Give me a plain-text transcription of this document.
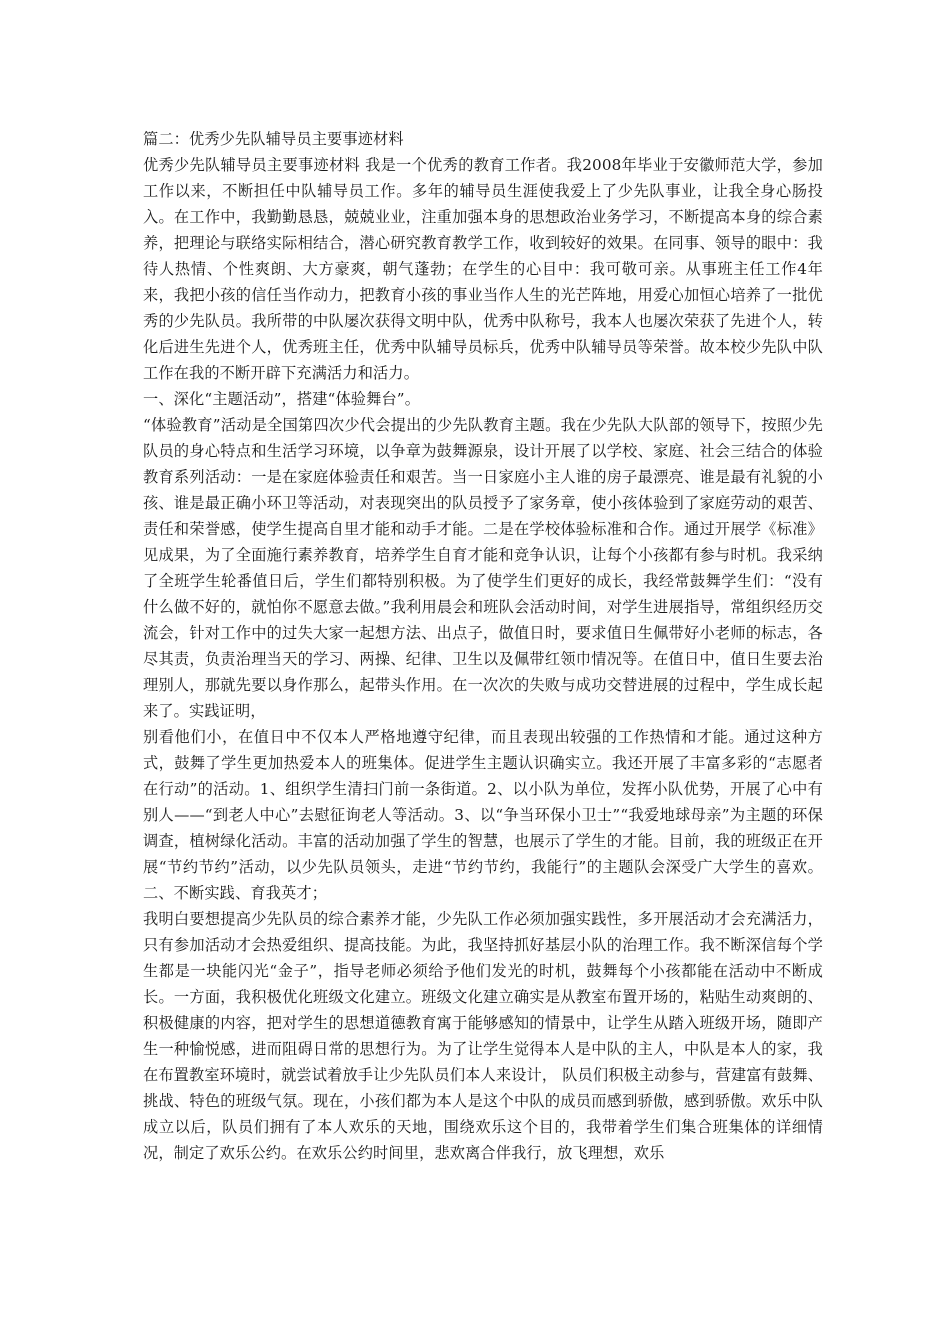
篇二：优秀少先队辅导员主要事迹材料

优秀少先队辅导员主要事迹材料 我是一个优秀的教育工作者。我2008年毕业于安徽师范大学，参加工作以来，不断担任中队辅导员工作。多年的辅导员生涯使我爱上了少先队事业，让我全身心肠投入。在工作中，我勤勤恳恳，兢兢业业，注重加强本身的思想政治业务学习，不断提高本身的综合素养，把理论与联络实际相结合，潜心研究教育教学工作，收到较好的效果。在同事、领导的眼中：我待人热情、个性爽朗、大方豪爽，朝气蓬勃；在学生的心目中：我可敬可亲。从事班主任工作4年来，我把小孩的信任当作动力，把教育小孩的事业当作人生的光芒阵地，用爱心加恒心培养了一批优秀的少先队员。我所带的中队屡次获得文明中队，优秀中队称号，我本人也屡次荣获了先进个人，转化后进生先进个人，优秀班主任，优秀中队辅导员标兵，优秀中队辅导员等荣誉。故本校少先队中队工作在我的不断开辟下充满活力和活力。

一、深化“主题活动”，搭建“体验舞台”。

“体验教育”活动是全国第四次少代会提出的少先队教育主题。我在少先队大队部的领导下，按照少先队员的身心特点和生活学习环境，以争章为鼓舞源泉，设计开展了以学校、家庭、社会三结合的体验教育系列活动：一是在家庭体验责任和艰苦。当一日家庭小主人谁的房子最漂亮、谁是最有礼貌的小孩、谁是最正确小环卫等活动，对表现突出的队员授予了家务章，使小孩体验到了家庭劳动的艰苦、责任和荣誉感，使学生提高自里才能和动手才能。二是在学校体验标准和合作。通过开展学《标准》见成果，为了全面施行素养教育，培养学生自育才能和竞争认识，让每个小孩都有参与时机。我采纳了全班学生轮番值日后，学生们都特别积极。为了使学生们更好的成长，我经常鼓舞学生们：“没有什么做不好的，就怕你不愿意去做。”我利用晨会和班队会活动时间，对学生进展指导，常组织经历交流会，针对工作中的过失大家一起想方法、出点子，做值日时，要求值日生佩带好小老师的标志，各尽其责，负责治理当天的学习、两操、纪律、卫生以及佩带红领巾情况等。在值日中，值日生要去治理别人，那就先要以身作那么，起带头作用。在一次次的失败与成功交替进展的过程中，学生成长起来了。实践证明，

别看他们小，在值日中不仅本人严格地遵守纪律，而且表现出较强的工作热情和才能。通过这种方式，鼓舞了学生更加热爱本人的班集体。促进学生主题认识确实立。我还开展了丰富多彩的“志愿者在行动”的活动。1、组织学生清扫门前一条街道。2、以小队为单位，发挥小队优势，开展了心中有别人——“到老人中心”去慰征询老人等活动。3、以“争当环保小卫士”“我爱地球母亲”为主题的环保调查，植树绿化活动。丰富的活动加强了学生的智慧，也展示了学生的才能。目前，我的班级正在开展“节约节约”活动，以少先队员领头，走进“节约节约，我能行”的主题队会深受广大学生的喜欢。 二、不断实践、育我英才；

我明白要想提高少先队员的综合素养才能，少先队工作必须加强实践性，多开展活动才会充满活力，只有参加活动才会热爱组织、提高技能。为此，我坚持抓好基层小队的治理工作。我不断深信每个学生都是一块能闪光“金子”，指导老师必须给予他们发光的时机，鼓舞每个小孩都能在活动中不断成长。一方面，我积极优化班级文化建立。班级文化建立确实是从教室布置开场的，粘贴生动爽朗的、积极健康的内容，把对学生的思想道德教育寓于能够感知的情景中，让学生从踏入班级开场，随即产生一种愉悦感，进而阻碍日常的思想行为。为了让学生觉得本人是中队的主人，中队是本人的家，我在布置教室环境时，就尝试着放手让少先队员们本人来设计， 队员们积极主动参与，营建富有鼓舞、挑战、特色的班级气氛。现在，小孩们都为本人是这个中队的成员而感到骄傲，感到骄傲。欢乐中队成立以后，队员们拥有了本人欢乐的天地，围绕欢乐这个目的，我带着学生们集合班集体的详细情况，制定了欢乐公约。在欢乐公约时间里，悲欢离合伴我行，放飞理想，欢乐
